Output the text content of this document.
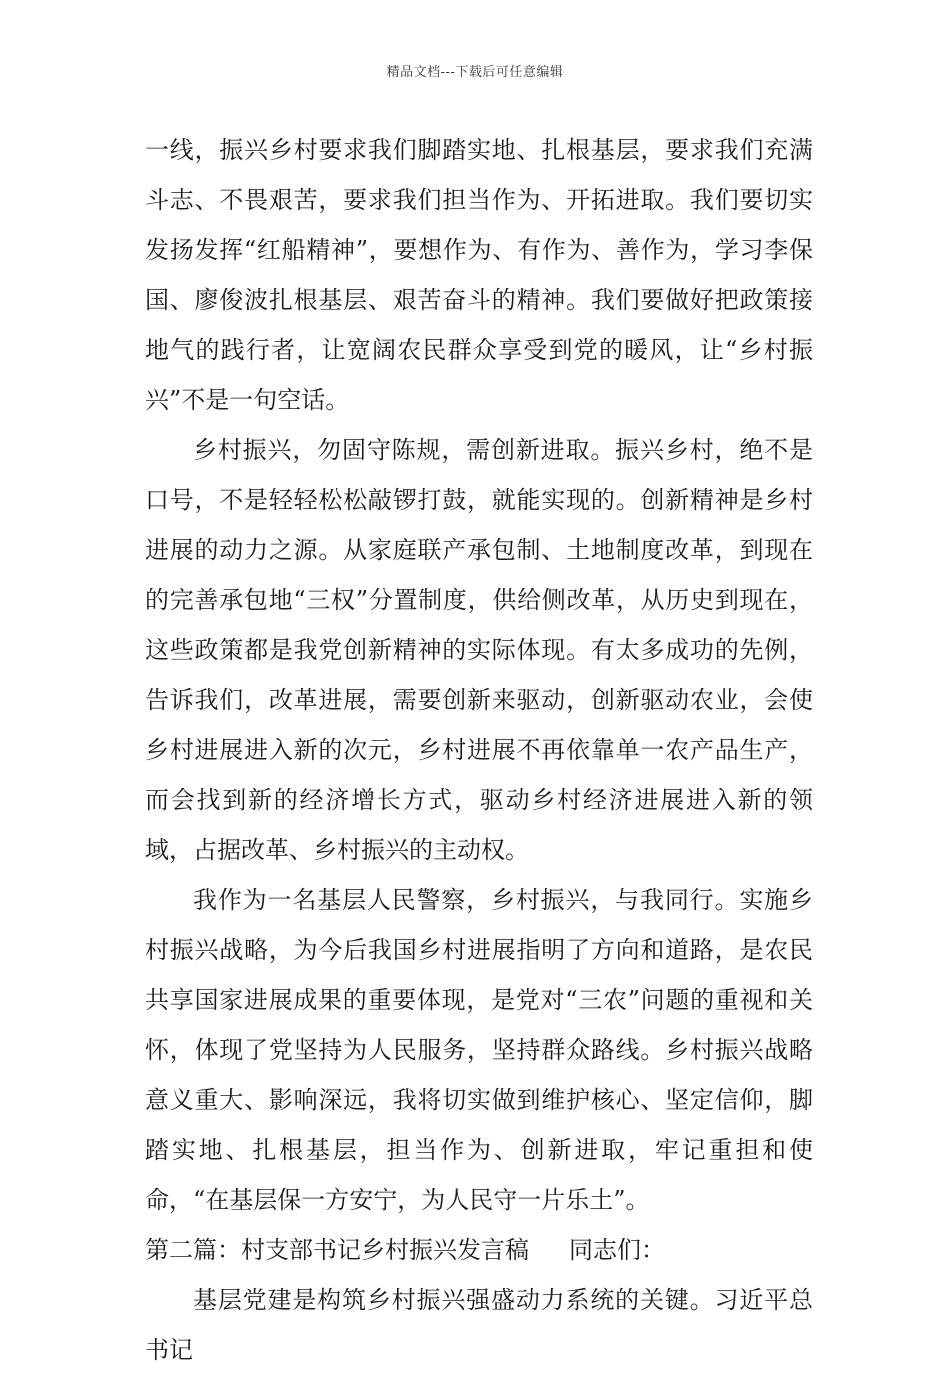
精品文档---下载后可任意编辑

一线，振兴乡村要求我们脚踏实地、扎根基层，要求我们充满斗志、不畏艰苦，要求我们担当作为、开拓进取。我们要切实发扬发挥“红船精神”，要想作为、有作为、善作为，学习李保国、廖俊波扎根基层、艰苦奋斗的精神。我们要做好把政策接地气的践行者，让宽阔农民群众享受到党的暖风，让“乡村振兴”不是一句空话。

乡村振兴，勿固守陈规，需创新进取。振兴乡村，绝不是口号，不是轻轻松松敲锣打鼓，就能实现的。创新精神是乡村进展的动力之源。从家庭联产承包制、土地制度改革，到现在的完善承包地“三权”分置制度，供给侧改革，从历史到现在，这些政策都是我党创新精神的实际体现。有太多成功的先例，告诉我们，改革进展，需要创新来驱动，创新驱动农业，会使乡村进展进入新的次元，乡村进展不再依靠单一农产品生产，而会找到新的经济增长方式，驱动乡村经济进展进入新的领域，占据改革、乡村振兴的主动权。

我作为一名基层人民警察，乡村振兴，与我同行。实施乡村振兴战略，为今后我国乡村进展指明了方向和道路，是农民共享国家进展成果的重要体现，是党对“三农”问题的重视和关怀，体现了党坚持为人民服务，坚持群众路线。乡村振兴战略意义重大、影响深远，我将切实做到维护核心、坚定信仰，脚踏实地、扎根基层，担当作为、创新进取，牢记重担和使命，“在基层保一方安宁，为人民守一片乐土”。

第二篇：村支部书记乡村振兴发言稿 同志们：

基层党建是构筑乡村振兴强盛动力系统的关键。习近平总书记
